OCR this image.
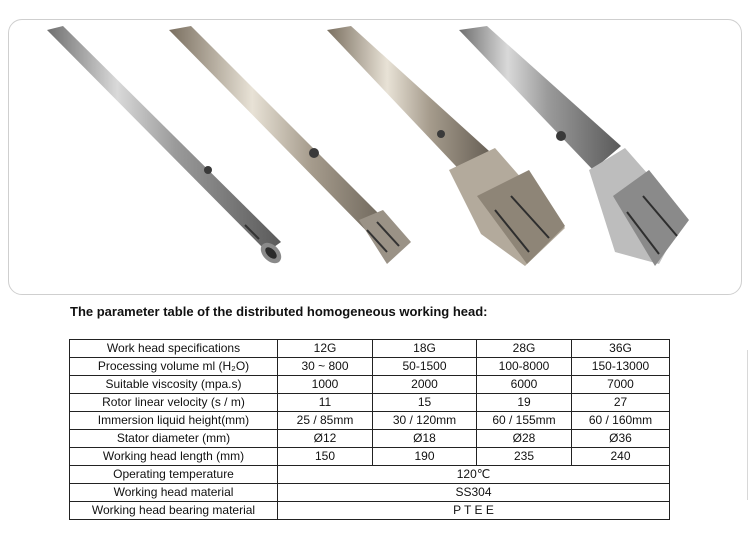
The parameter table of the distributed homogeneous working head:
Work head specifications	12G	18G	28G	36G
Processing volume ml (H₂O)	30 ~ 800	50-1500	100-8000	150-13000
Suitable viscosity (mpa.s)	1000	2000	6000	7000
Rotor linear velocity (s / m)	11	15	19	27
Immersion liquid height(mm)	25 / 85mm	30 / 120mm	60 / 155mm	60 / 160mm
Stator diameter (mm)	Ø12	Ø18	Ø28	Ø36
Working head length (mm)	150	190	235	240
Operating temperature	120℃			
Working head material	SS304			
Working head bearing material	P T E E			
